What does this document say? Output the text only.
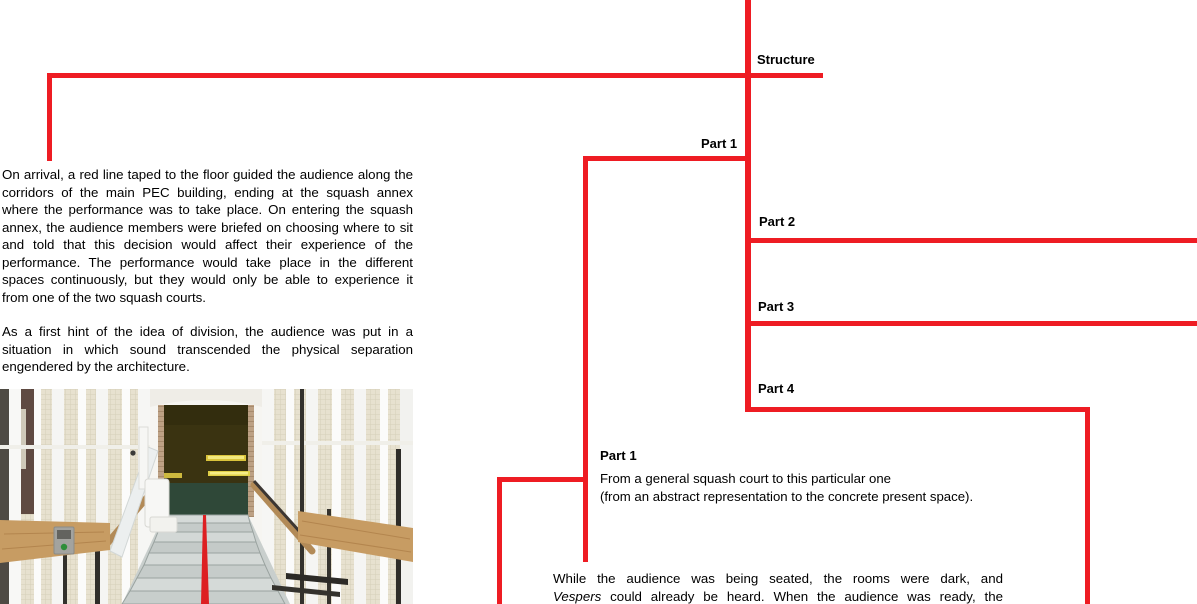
Structure
Part 1
Part 2
Part 3
Part 4

On arrival, a red line taped to the floor guided the audience along the corridors of the main PEC building, ending at the squash annex where the performance was to take place. On entering the squash annex, the audience members were briefed on choosing where to sit and told that this decision would affect their experience of the performance. The performance would take place in the different spaces continuously, but they would only be able to experience it from one of the two squash courts.

As a first hint of the idea of division, the audience was put in a situation in which sound transcended the physical separation engendered by the architecture.

Part 1

From a general squash court to this particular one

(from an abstract representation to the concrete present space).

While the audience was being seated, the rooms were dark, and
Vespers could already be heard. When the audience was ready, the
